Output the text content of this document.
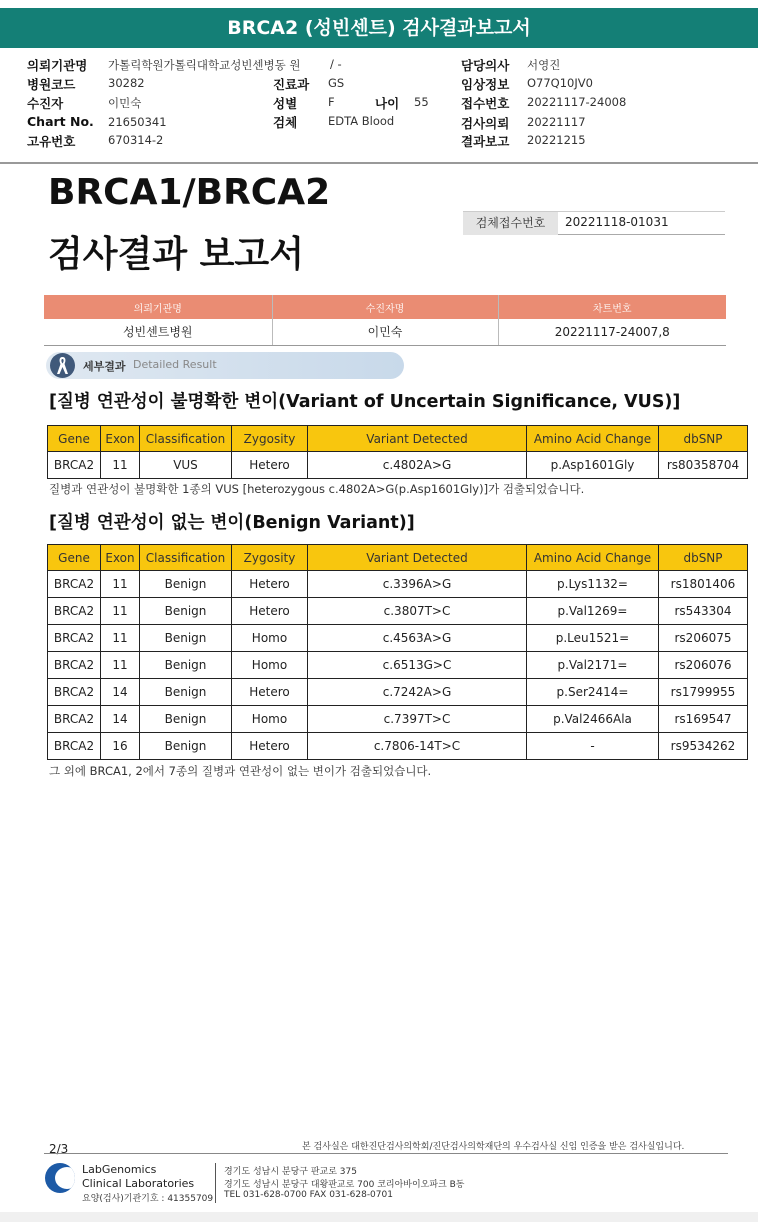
BRCA2 (성빈센트) 검사결과보고서
의뢰기관명 가톨릭학원가톨릭대학교성빈센병동 원	/ -	담당의사 서영진
병원코드	30282	진료과 GS	임상정보 O77Q10JV0
수진자	이민숙	성별	F	나이 55	접수번호 20221117-24008
Chart No. 21650341	검체	EDTA Blood	검사의뢰 20221117
고유번호	670314-2	결과보고 20221215
BRCA1/BRCA2
검사결과 보고서
검체접수번호	20221118-01031
의뢰기관명	수진자명	차트번호
성빈센트병원	이민숙	20221117-24007,8
세부결과 Detailed Result
[질병 연관성이 불명확한 변이(Variant of Uncertain Significance, VUS)]
Gene	Exon	Classification	Zygosity	Variant Detected	Amino Acid Change	dbSNP
BRCA2	11	VUS	Hetero	c.4802A>G	p.Asp1601Gly	rs80358704
질병과 연관성이 불명확한 1종의 VUS [heterozygous c.4802A>G(p.Asp1601Gly)]가 검출되었습니다.
[질병 연관성이 없는 변이(Benign Variant)]
Gene	Exon	Classification	Zygosity	Variant Detected	Amino Acid Change	dbSNP
BRCA2	11	Benign	Hetero	c.3396A>G	p.Lys1132=	rs1801406
BRCA2	11	Benign	Hetero	c.3807T>C	p.Val1269=	rs543304
BRCA2	11	Benign	Homo	c.4563A>G	p.Leu1521=	rs206075
BRCA2	11	Benign	Homo	c.6513G>C	p.Val2171=	rs206076
BRCA2	14	Benign	Hetero	c.7242A>G	p.Ser2414=	rs1799955
BRCA2	14	Benign	Homo	c.7397T>C	p.Val2466Ala	rs169547
BRCA2	16	Benign	Hetero	c.7806-14T>C	-	rs9534262
그 외에 BRCA1, 2에서 7종의 질병과 연관성이 없는 변이가 검출되었습니다.
본 검사실은 대한진단검사의학회/진단검사의학재단의 우수검사실 신임 인증을 받은 검사실입니다.
2/3
LabGenomics
Clinical Laboratories
요양(검사)기관기호 : 41355709
경기도 성남시 분당구 판교로 375
경기도 성남시 분당구 대왕판교로 700 코리아바이오파크 B동
TEL 031-628-0700 FAX 031-628-0701
